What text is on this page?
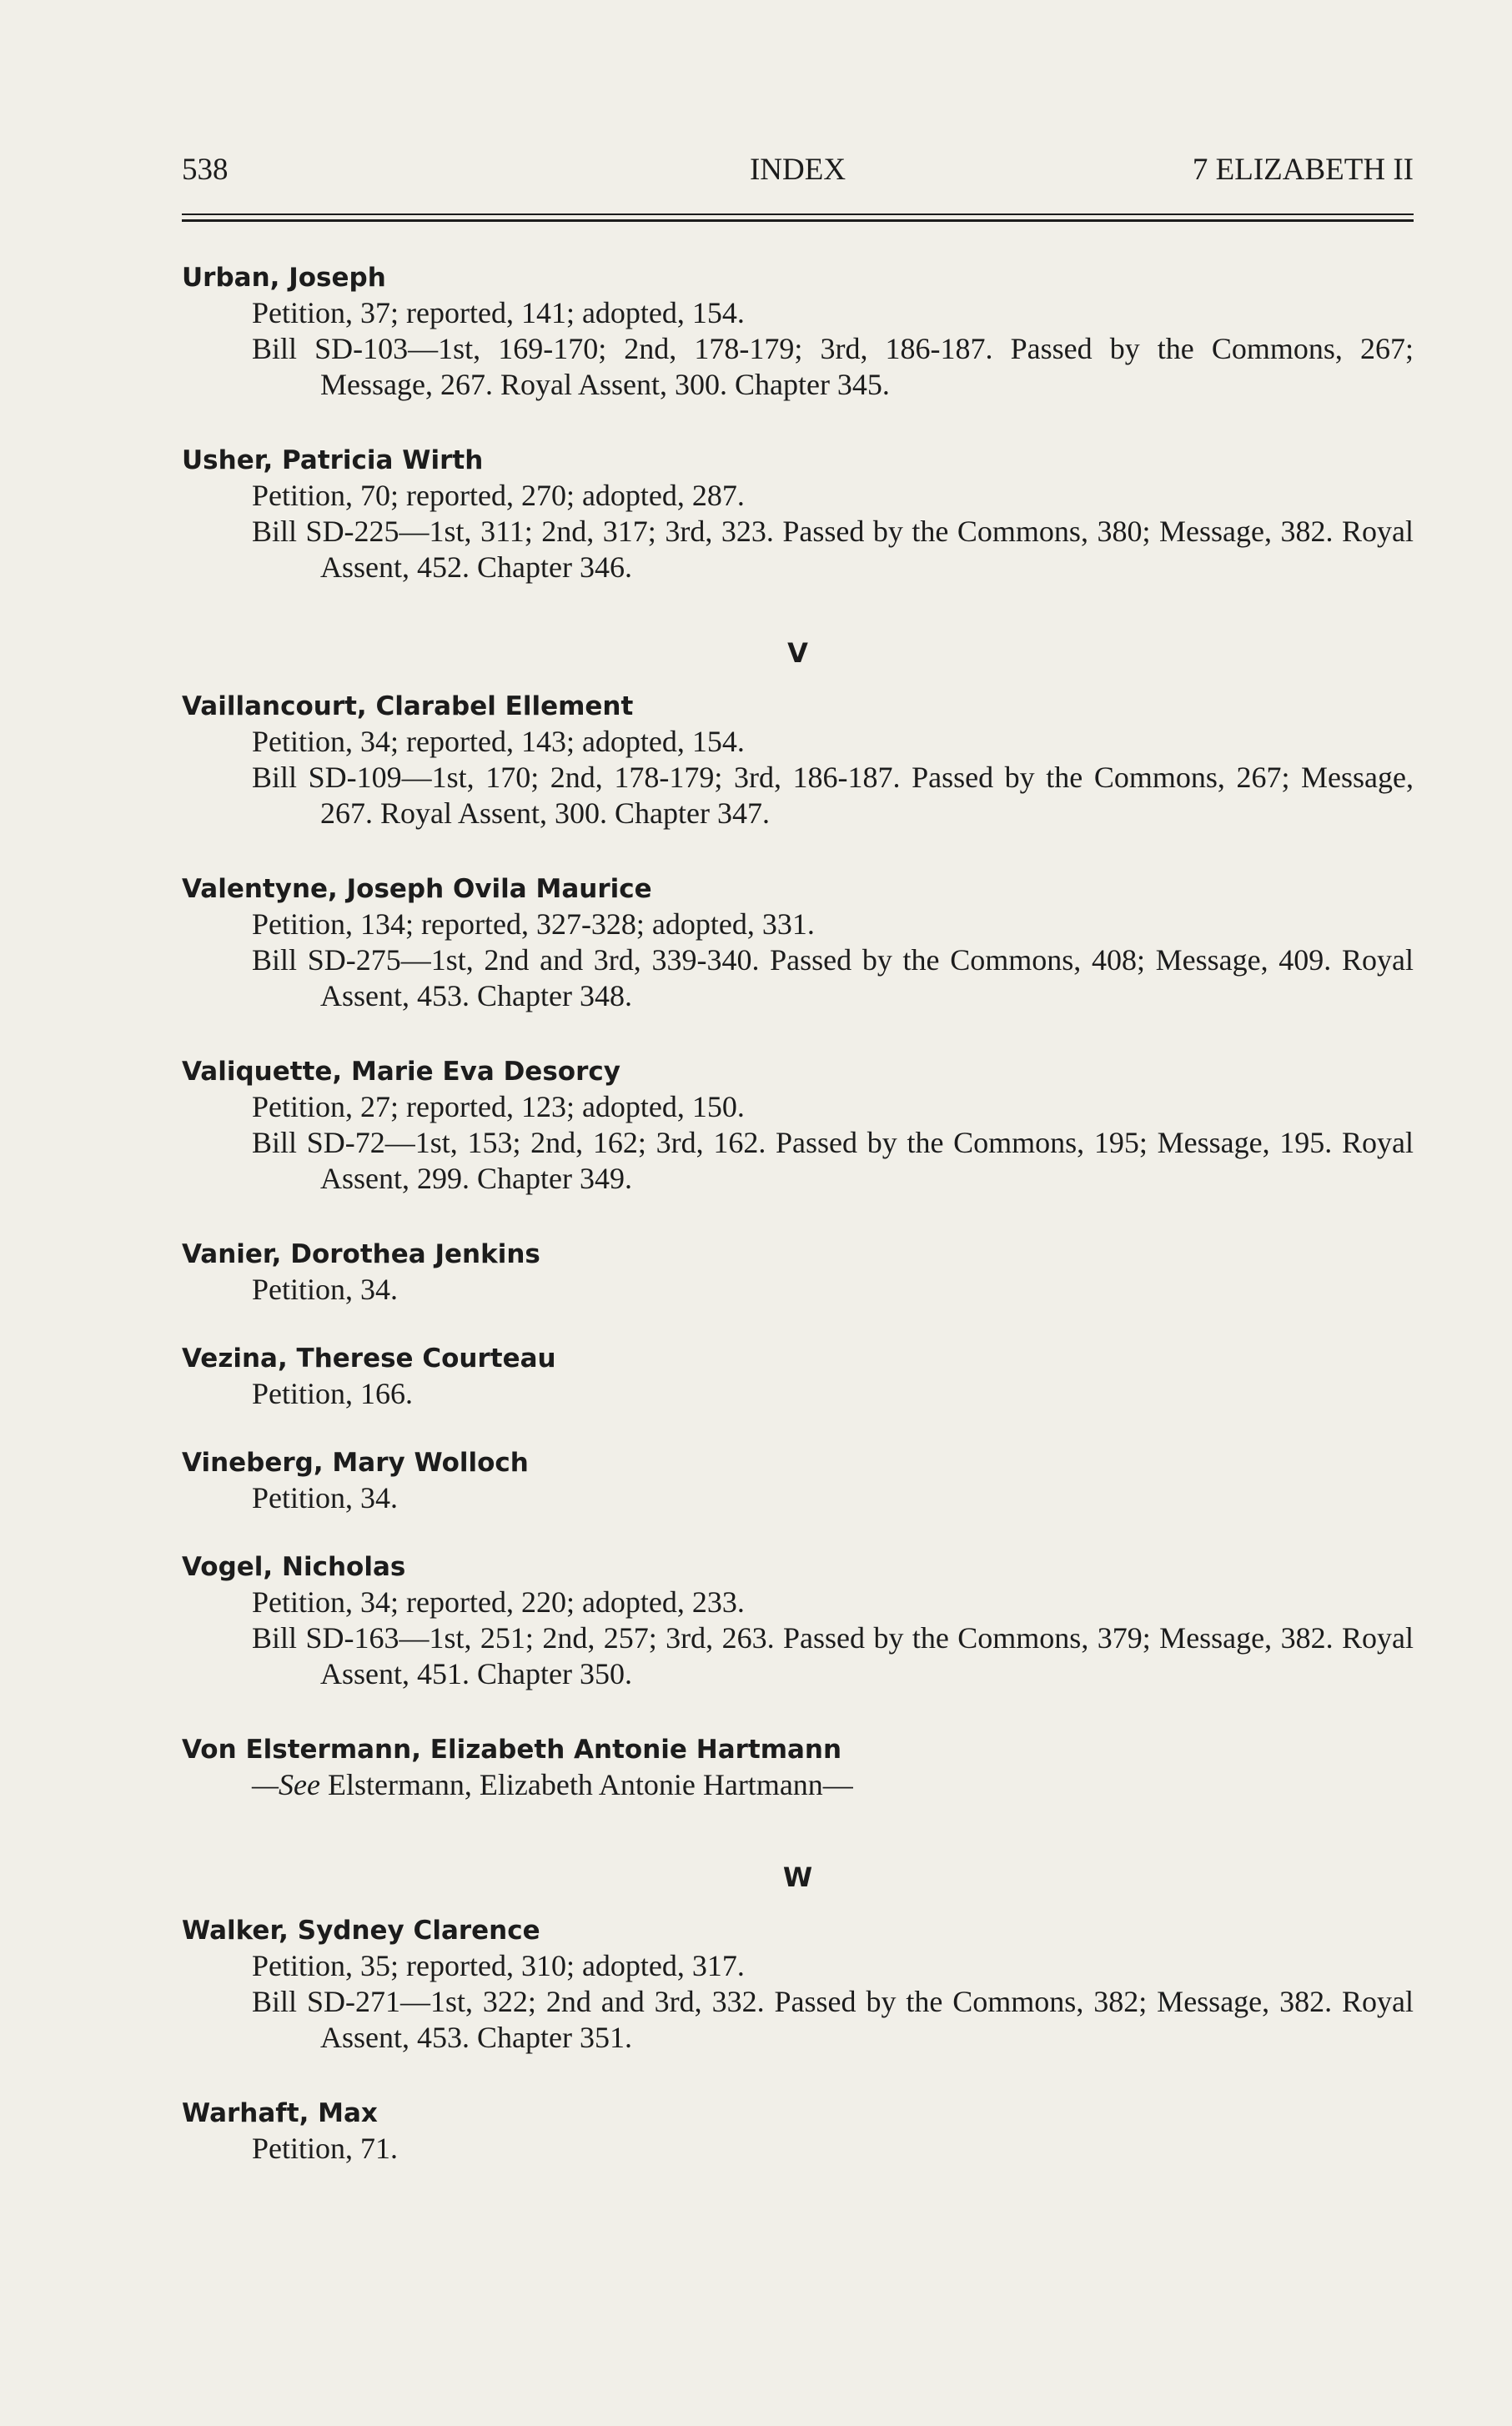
538	INDEX	7 ELIZABETH II

Urban, Joseph

Petition, 37; reported, 141; adopted, 154.

Bill SD-103—1st, 169-170; 2nd, 178-179; 3rd, 186-187. Passed by the Commons, 267; Message, 267. Royal Assent, 300. Chapter 345.

Usher, Patricia Wirth

Petition, 70; reported, 270; adopted, 287.

Bill SD-225—1st, 311; 2nd, 317; 3rd, 323. Passed by the Commons, 380; Message, 382. Royal Assent, 452. Chapter 346.

V

Vaillancourt, Clarabel Ellement

Petition, 34; reported, 143; adopted, 154.

Bill SD-109—1st, 170; 2nd, 178-179; 3rd, 186-187. Passed by the Commons, 267; Message, 267. Royal Assent, 300. Chapter 347.

Valentyne, Joseph Ovila Maurice

Petition, 134; reported, 327-328; adopted, 331.

Bill SD-275—1st, 2nd and 3rd, 339-340. Passed by the Commons, 408; Message, 409. Royal Assent, 453. Chapter 348.

Valiquette, Marie Eva Desorcy

Petition, 27; reported, 123; adopted, 150.

Bill SD-72—1st, 153; 2nd, 162; 3rd, 162. Passed by the Commons, 195; Message, 195. Royal Assent, 299. Chapter 349.

Vanier, Dorothea Jenkins

Petition, 34.

Vezina, Therese Courteau

Petition, 166.

Vineberg, Mary Wolloch

Petition, 34.

Vogel, Nicholas

Petition, 34; reported, 220; adopted, 233.

Bill SD-163—1st, 251; 2nd, 257; 3rd, 263. Passed by the Commons, 379; Message, 382. Royal Assent, 451. Chapter 350.

Von Elstermann, Elizabeth Antonie Hartmann

—See Elstermann, Elizabeth Antonie Hartmann—

W

Walker, Sydney Clarence

Petition, 35; reported, 310; adopted, 317.

Bill SD-271—1st, 322; 2nd and 3rd, 332. Passed by the Commons, 382; Message, 382. Royal Assent, 453. Chapter 351.

Warhaft, Max

Petition, 71.
